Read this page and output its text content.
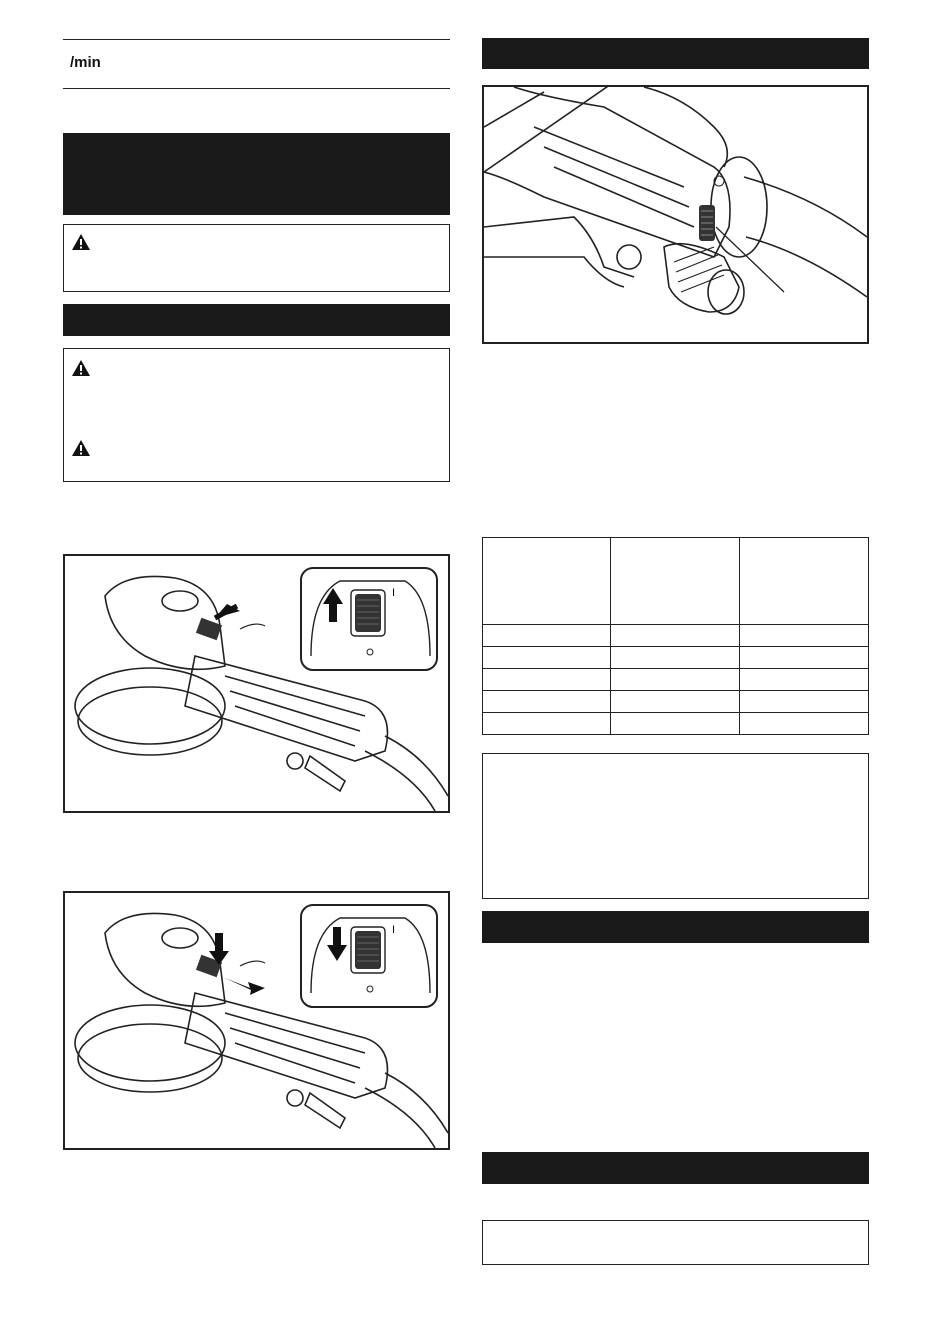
/min
I
I
